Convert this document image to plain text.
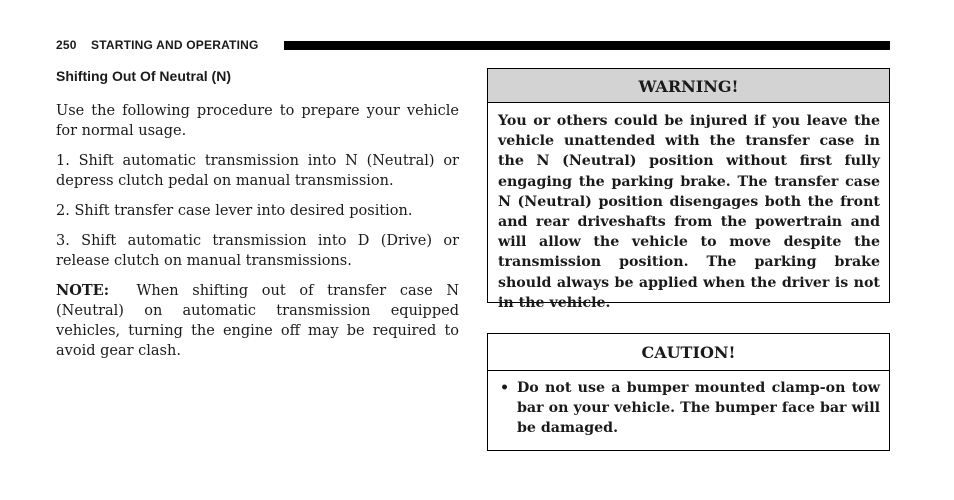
250 STARTING AND OPERATING
Shifting Out Of Neutral (N)

Use the following procedure to prepare your vehicle for normal usage.

1. Shift automatic transmission into N (Neutral) or depress clutch pedal on manual transmission.

2. Shift transfer case lever into desired position.

3. Shift automatic transmission into D (Drive) or release clutch on manual transmissions.

NOTE: When shifting out of transfer case N (Neutral) on automatic transmission equipped vehicles, turning the engine off may be required to avoid gear clash.

WARNING!
You or others could be injured if you leave the vehicle unattended with the transfer case in the N (Neutral) position without first fully engaging the parking brake. The transfer case N (Neutral) position disengages both the front and rear driveshafts from the powertrain and will allow the vehicle to move despite the transmission position. The parking brake should always be applied when the driver is not in the vehicle.
CAUTION!
• Do not use a bumper mounted clamp-on tow bar on your vehicle. The bumper face bar will be damaged.
